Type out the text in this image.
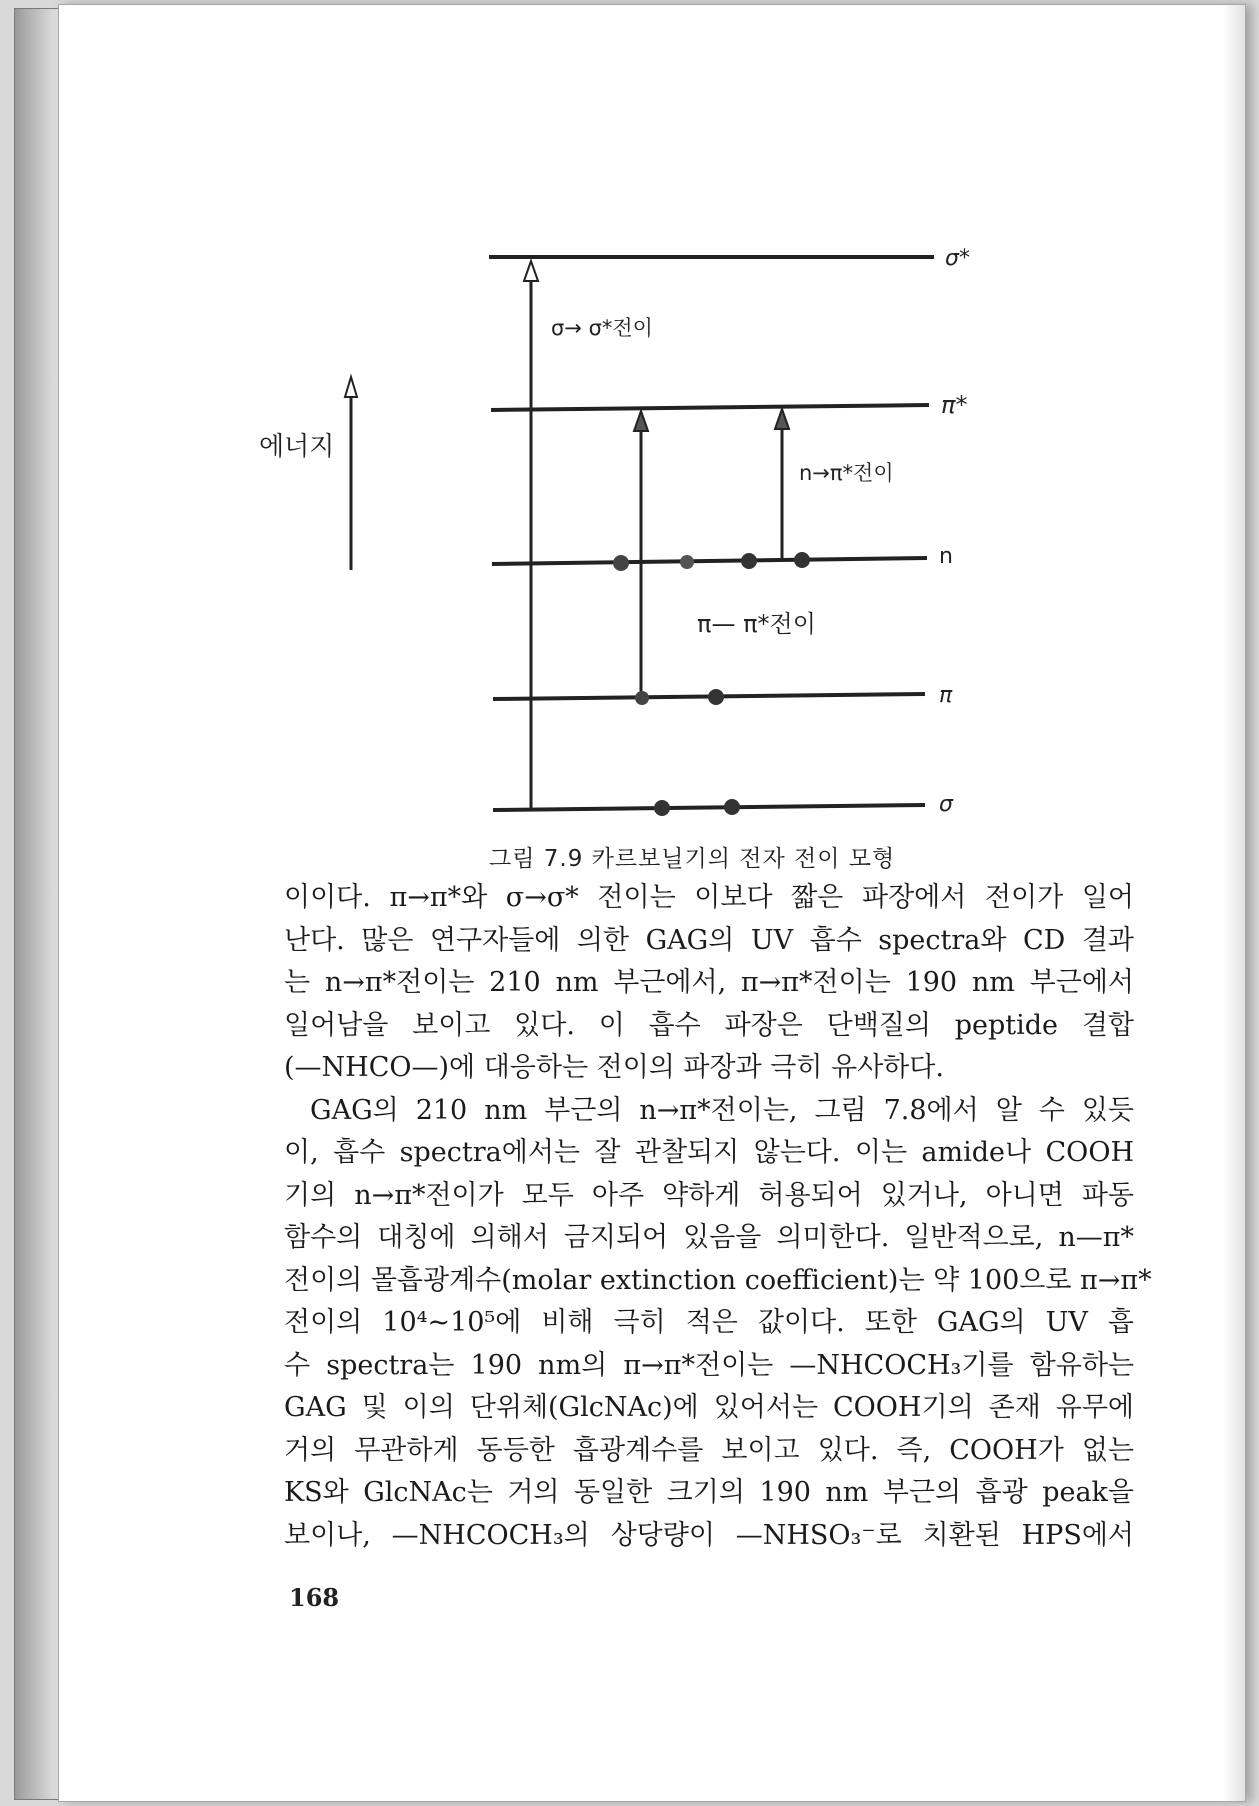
에너지
σ*
π*
n
π
σ
σ→ σ*전이
n→π*전이
π— π*전이
그림 7.9 카르보닐기의 전자 전이 모형
이이다. π→π*와 σ→σ* 전이는 이보다 짧은 파장에서 전이가 일어
난다. 많은 연구자들에 의한 GAG의 UV 흡수 spectra와 CD 결과
는 n→π*전이는 210 nm 부근에서, π→π*전이는 190 nm 부근에서
일어남을 보이고 있다. 이 흡수 파장은 단백질의 peptide 결합
(—NHCO—)에 대응하는 전이의 파장과 극히 유사하다.
GAG의 210 nm 부근의 n→π*전이는, 그림 7.8에서 알 수 있듯
이, 흡수 spectra에서는 잘 관찰되지 않는다. 이는 amide나 COOH
기의 n→π*전이가 모두 아주 약하게 허용되어 있거나, 아니면 파동
함수의 대칭에 의해서 금지되어 있음을 의미한다. 일반적으로, n—π*
전이의 몰흡광계수(molar extinction coefficient)는 약 100으로 π→π*
전이의 10⁴~10⁵에 비해 극히 적은 값이다. 또한 GAG의 UV 흡
수 spectra는 190 nm의 π→π*전이는 —NHCOCH₃기를 함유하는
GAG 및 이의 단위체(GlcNAc)에 있어서는 COOH기의 존재 유무에
거의 무관하게 동등한 흡광계수를 보이고 있다. 즉, COOH가 없는
KS와 GlcNAc는 거의 동일한 크기의 190 nm 부근의 흡광 peak을
보이나, —NHCOCH₃의 상당량이 —NHSO₃⁻로 치환된 HPS에서
168
